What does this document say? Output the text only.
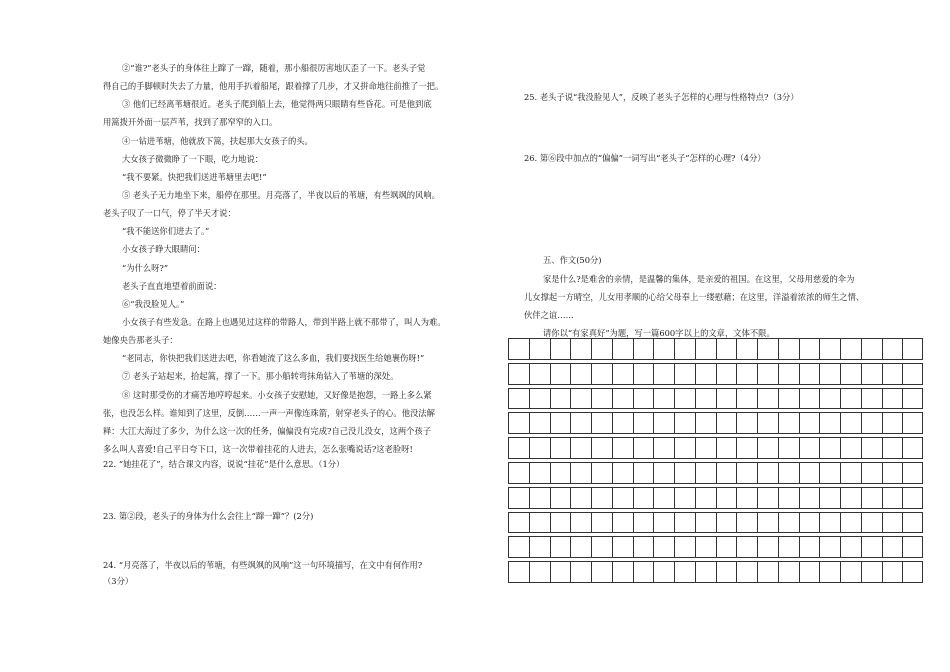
②“谁?”老头子的身体往上蹿了一蹿，随着，那小船很厉害地仄歪了一下。老头子觉
得自己的手脚顿时失去了力量，他用手扒着船尾，跟着撑了几步，才又拼命地往前推了一把。
③ 他们已经离苇塘很近。老头子爬到船上去，他觉得两只眼睛有些昏花。可是他到底
用篙拨开外面一层芦苇，找到了那窄窄的入口。
④一钻进苇塘，他就放下篙，扶起那大女孩子的头。
大女孩子微微睁了一下眼，吃力地说：
“我不要紧。快把我们送进苇塘里去吧!”
⑤ 老头子无力地坐下来，船停在那里。月亮落了，半夜以后的苇塘，有些飒飒的风响。
老头子叹了一口气，停了半天才说：
“我不能送你们进去了。”
小女孩子睁大眼睛问：
“为什么呀?”
老头子直直地望着前面说：
⑥“我没脸见人。”
小女孩子有些发急。在路上也遇见过这样的带路人，带到半路上就不那带了，叫人为难。
她像央告那老头子：
“老同志，你快把我们送进去吧，你看她流了这么多血，我们要找医生给她裹伤呀!”
⑦ 老头子站起来，拾起篙，撑了一下。那小船转弯抹角钻入了苇塘的深处。
⑧ 这时那受伤的才痛苦地哼哼起来。小女孩子安慰她，又好像是抱怨，一路上多么紧
张，也没怎么样。谁知到了这里，反倒……一声一声像连珠箭，射穿老头子的心。他没法解
释：大江大海过了多少，为什么这一次的任务，偏偏没有完成?自己没儿没女，这两个孩子
多么叫人喜爱!自己平日夸下口，这一次带着挂花的人进去，怎么张嘴说话?这老脸呀!
22. “她挂花了”，结合课文内容，说说“挂花”是什么意思。（1分）
23. 第②段，老头子的身体为什么会往上“蹿一蹿”？(2分)
24. “月亮落了，半夜以后的苇塘，有些飒飒的风响”这一句环境描写，在文中有何作用?
（3分）
25. 老头子说“我没脸见人”，反映了老头子怎样的心理与性格特点?（3分）
26. 第⑥段中加点的“偏偏”一词写出“老头子”怎样的心理?（4分）
五、作文(50分)
家是什么?是难舍的亲情，是温馨的集体，是亲爱的祖国。在这里，父母用慈爱的伞为
儿女撑起一方晴空，儿女用孝顺的心给父母奉上一缕慰藉；在这里，洋溢着浓浓的师生之情、
伙伴之谊……
请你以“有家真好”为题，写一篇600字以上的文章，文体不限。
